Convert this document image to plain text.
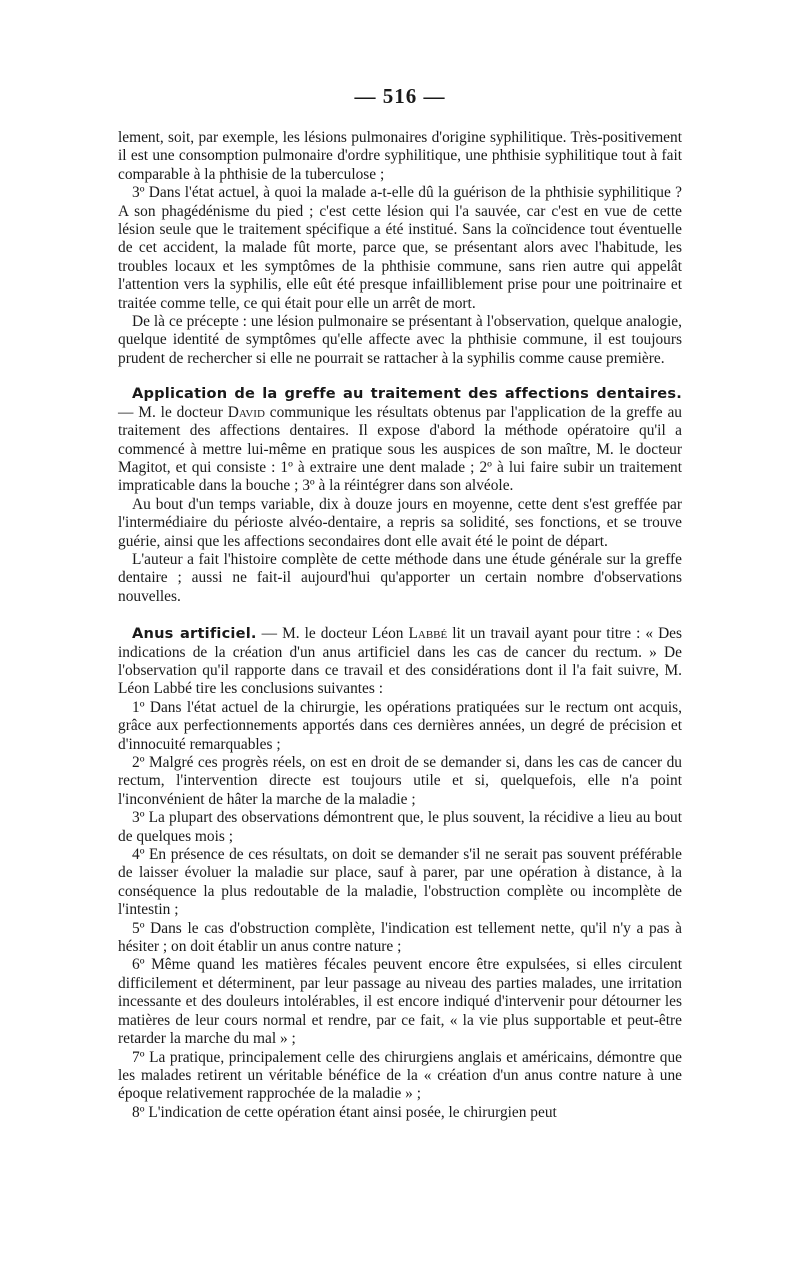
— 516 —

lement, soit, par exemple, les lésions pulmonaires d'origine syphilitique. Très-positivement il est une consomption pulmonaire d'ordre syphilitique, une phthisie syphilitique tout à fait comparable à la phthisie de la tuberculose ;

3º Dans l'état actuel, à quoi la malade a-t-elle dû la guérison de la phthisie syphilitique ? A son phagédénisme du pied ; c'est cette lésion qui l'a sauvée, car c'est en vue de cette lésion seule que le traitement spécifique a été institué. Sans la coïncidence tout éventuelle de cet accident, la malade fût morte, parce que, se présentant alors avec l'habitude, les troubles locaux et les symptômes de la phthisie commune, sans rien autre qui appelât l'attention vers la syphilis, elle eût été presque infailliblement prise pour une poitrinaire et traitée comme telle, ce qui était pour elle un arrêt de mort.

De là ce précepte : une lésion pulmonaire se présentant à l'observation, quelque analogie, quelque identité de symptômes qu'elle affecte avec la phthisie commune, il est toujours prudent de rechercher si elle ne pourrait se rattacher à la syphilis comme cause première.

Application de la greffe au traitement des affections dentaires. — M. le docteur David communique les résultats obtenus par l'application de la greffe au traitement des affections dentaires. Il expose d'abord la méthode opératoire qu'il a commencé à mettre lui-même en pratique sous les auspices de son maître, M. le docteur Magitot, et qui consiste : 1º à extraire une dent malade ; 2º à lui faire subir un traitement impraticable dans la bouche ; 3º à la réintégrer dans son alvéole.

Au bout d'un temps variable, dix à douze jours en moyenne, cette dent s'est greffée par l'intermédiaire du périoste alvéo-dentaire, a repris sa solidité, ses fonctions, et se trouve guérie, ainsi que les affections secondaires dont elle avait été le point de départ.

L'auteur a fait l'histoire complète de cette méthode dans une étude générale sur la greffe dentaire ; aussi ne fait-il aujourd'hui qu'apporter un certain nombre d'observations nouvelles.

Anus artificiel. — M. le docteur Léon Labbé lit un travail ayant pour titre : « Des indications de la création d'un anus artificiel dans les cas de cancer du rectum. » De l'observation qu'il rapporte dans ce travail et des considérations dont il l'a fait suivre, M. Léon Labbé tire les conclusions suivantes :

1º Dans l'état actuel de la chirurgie, les opérations pratiquées sur le rectum ont acquis, grâce aux perfectionnements apportés dans ces dernières années, un degré de précision et d'innocuité remarquables ;

2º Malgré ces progrès réels, on est en droit de se demander si, dans les cas de cancer du rectum, l'intervention directe est toujours utile et si, quelquefois, elle n'a point l'inconvénient de hâter la marche de la maladie ;

3º La plupart des observations démontrent que, le plus souvent, la récidive a lieu au bout de quelques mois ;

4º En présence de ces résultats, on doit se demander s'il ne serait pas souvent préférable de laisser évoluer la maladie sur place, sauf à parer, par une opération à distance, à la conséquence la plus redoutable de la maladie, l'obstruction complète ou incomplète de l'intestin ;

5º Dans le cas d'obstruction complète, l'indication est tellement nette, qu'il n'y a pas à hésiter ; on doit établir un anus contre nature ;

6º Même quand les matières fécales peuvent encore être expulsées, si elles circulent difficilement et déterminent, par leur passage au niveau des parties malades, une irritation incessante et des douleurs intolérables, il est encore indiqué d'intervenir pour détourner les matières de leur cours normal et rendre, par ce fait, « la vie plus supportable et peut-être retarder la marche du mal » ;

7º La pratique, principalement celle des chirurgiens anglais et américains, démontre que les malades retirent un véritable bénéfice de la « création d'un anus contre nature à une époque relativement rapprochée de la maladie » ;

8º L'indication de cette opération étant ainsi posée, le chirurgien peut
